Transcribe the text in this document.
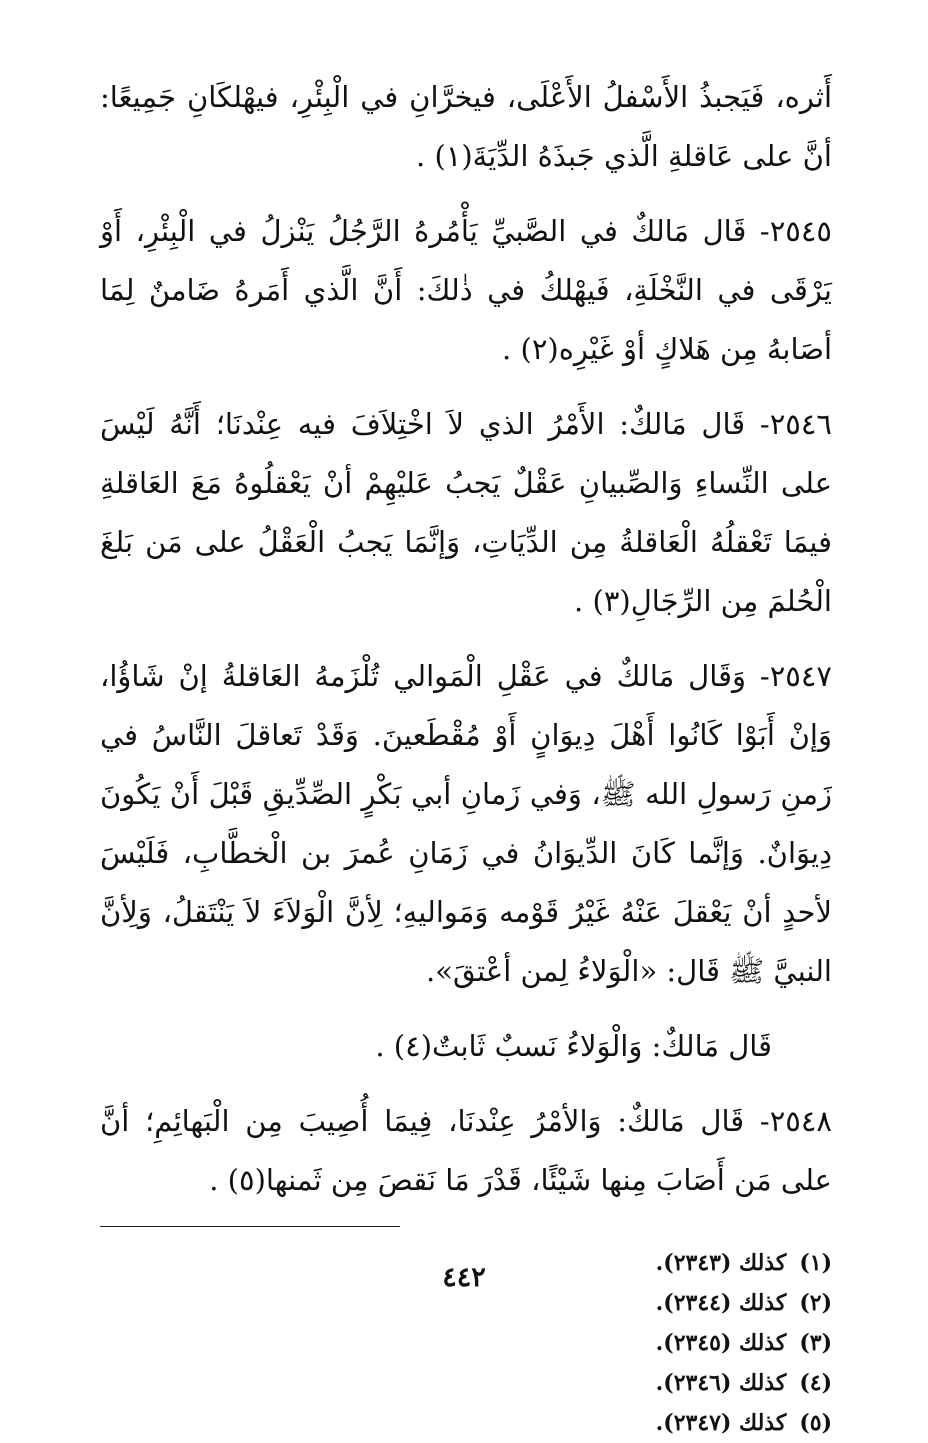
أَثره، فَيَجبذُ الأَسْفلُ الأَعْلَى، فيخرَّانِ في الْبِئْرِ، فيهْلكَانِ جَمِيعًا: أنَّ على عَاقلةِ الَّذي جَبذَهُ الدِّيَةَ(١) .

٢٥٤٥- قَال مَالكٌ في الصَّبيِّ يَأْمُرهُ الرَّجُلُ يَنْزلُ في الْبِئْرِ، أَوْ يَرْقَى في النَّخْلَةِ، فَيهْلكُ في ذٰلكَ: أَنَّ الَّذي أَمَرهُ ضَامنٌ لِمَا أصَابهُ مِن هَلاكٍ أوْ غَيْرِه(٢) .

٢٥٤٦- قَال مَالكٌ: الأَمْرُ الذي لاَ اخْتِلاَفَ فيه عِنْدنَا؛ أَنَّهُ لَيْسَ على النِّساءِ وَالصِّبيانِ عَقْلٌ يَجبُ عَليْهِمْ أنْ يَعْقلُوهُ مَعَ العَاقلةِ فيمَا تَعْقلُهُ الْعَاقلةُ مِن الدِّيَاتِ، وَإنَّمَا يَجبُ الْعَقْلُ على مَن بَلغَ الْحُلمَ مِن الرِّجَالِ(٣) .

٢٥٤٧- وَقَال مَالكٌ في عَقْلِ الْمَوالي تُلْزَمهُ العَاقلةُ إنْ شَاؤُا، وَإنْ أَبَوْا كَانُوا أَهْلَ دِيوَانٍ أَوْ مُقْطَعينَ. وَقَدْ تَعاقلَ النَّاسُ في زَمنِ رَسولِ الله ﷺ، وَفي زَمانِ أبي بَكْرٍ الصِّدِّيقِ قَبْلَ أَنْ يَكُونَ دِيوَانٌ. وَإنَّما كَانَ الدِّيوَانُ في زَمَانِ عُمرَ بن الْخطَّابِ، فَلَيْسَ لأحدٍ أنْ يَعْقلَ عَنْهُ غَيْرُ قَوْمه وَمَواليهِ؛ لِأنَّ الْوَلاَءَ لاَ يَنْتَقلُ، وَلِأنَّ النبيَّ ﷺ قَال: «الْوَلاءُ لِمن أعْتقَ».

قَال مَالكٌ: وَالْوَلاءُ نَسبٌ ثَابتٌ(٤) .

٢٥٤٨- قَال مَالكٌ: وَالأمْرُ عِنْدنَا، فِيمَا أُصِيبَ مِن الْبَهائِمِ؛ أنَّ على مَن أَصَابَ مِنها شَيْئًا، قَدْرَ مَا نَقصَ مِن ثَمنها(٥) .

(١) كذلك (٢٣٤٣).
(٢) كذلك (٢٣٤٤).
(٣) كذلك (٢٣٤٥).
(٤) كذلك (٢٣٤٦).
(٥) كذلك (٢٣٤٧).
٤٤٢
